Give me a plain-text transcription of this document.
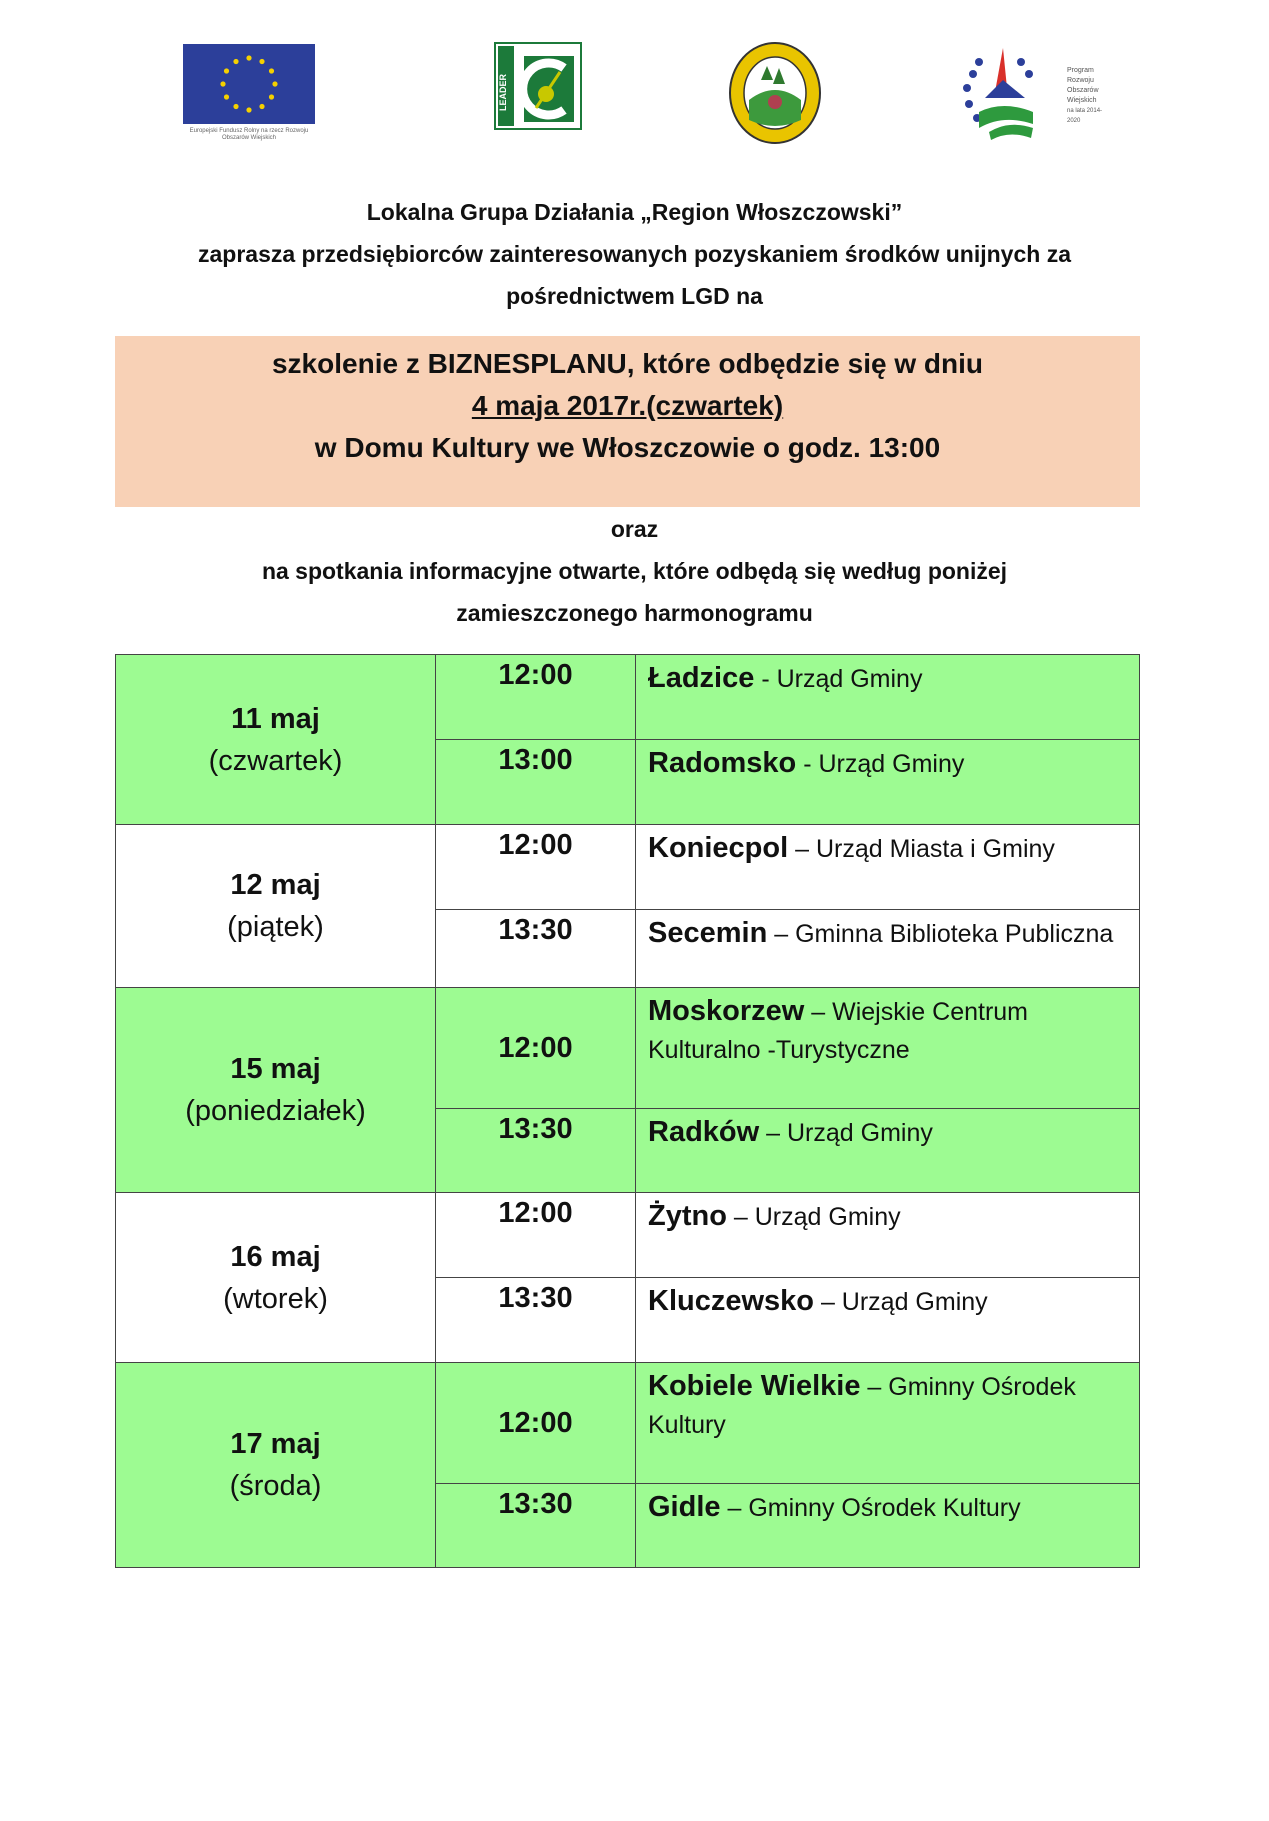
Europejski Fundusz Rolny na rzecz Rozwoju Obszarów Wiejskich
LEADER
Program
Rozwoju
Obszarów
Wiejskich
na lata 2014-2020
Lokalna Grupa Działania „Region Włoszczowski”
zaprasza przedsiębiorców zainteresowanych pozyskaniem środków unijnych za
pośrednictwem LGD na
szkolenie z BIZNESPLANU, które odbędzie się w dniu
4 maja 2017r.(czwartek)
w Domu Kultury we Włoszczowie o godz. 13:00
oraz
na spotkania informacyjne otwarte, które odbędą się według poniżej
zamieszczonego harmonogramu
11 maj
(czwartek)	12:00	Ładzice - Urząd Gminy
	13:00	Radomsko - Urząd Gminy

12 maj
(piątek)	12:00	Koniecpol – Urząd Miasta i Gminy
	13:30	Secemin – Gminna Biblioteka Publiczna

15 maj
(poniedziałek)	12:00	Moskorzew – Wiejskie Centrum Kulturalno -Turystyczne
	13:30	Radków – Urząd Gminy

16 maj
(wtorek)	12:00	Żytno – Urząd Gminy
	13:30	Kluczewsko – Urząd Gminy

17 maj
(środa)	12:00	Kobiele Wielkie – Gminny Ośrodek Kultury
	13:30	Gidle – Gminny Ośrodek Kultury
